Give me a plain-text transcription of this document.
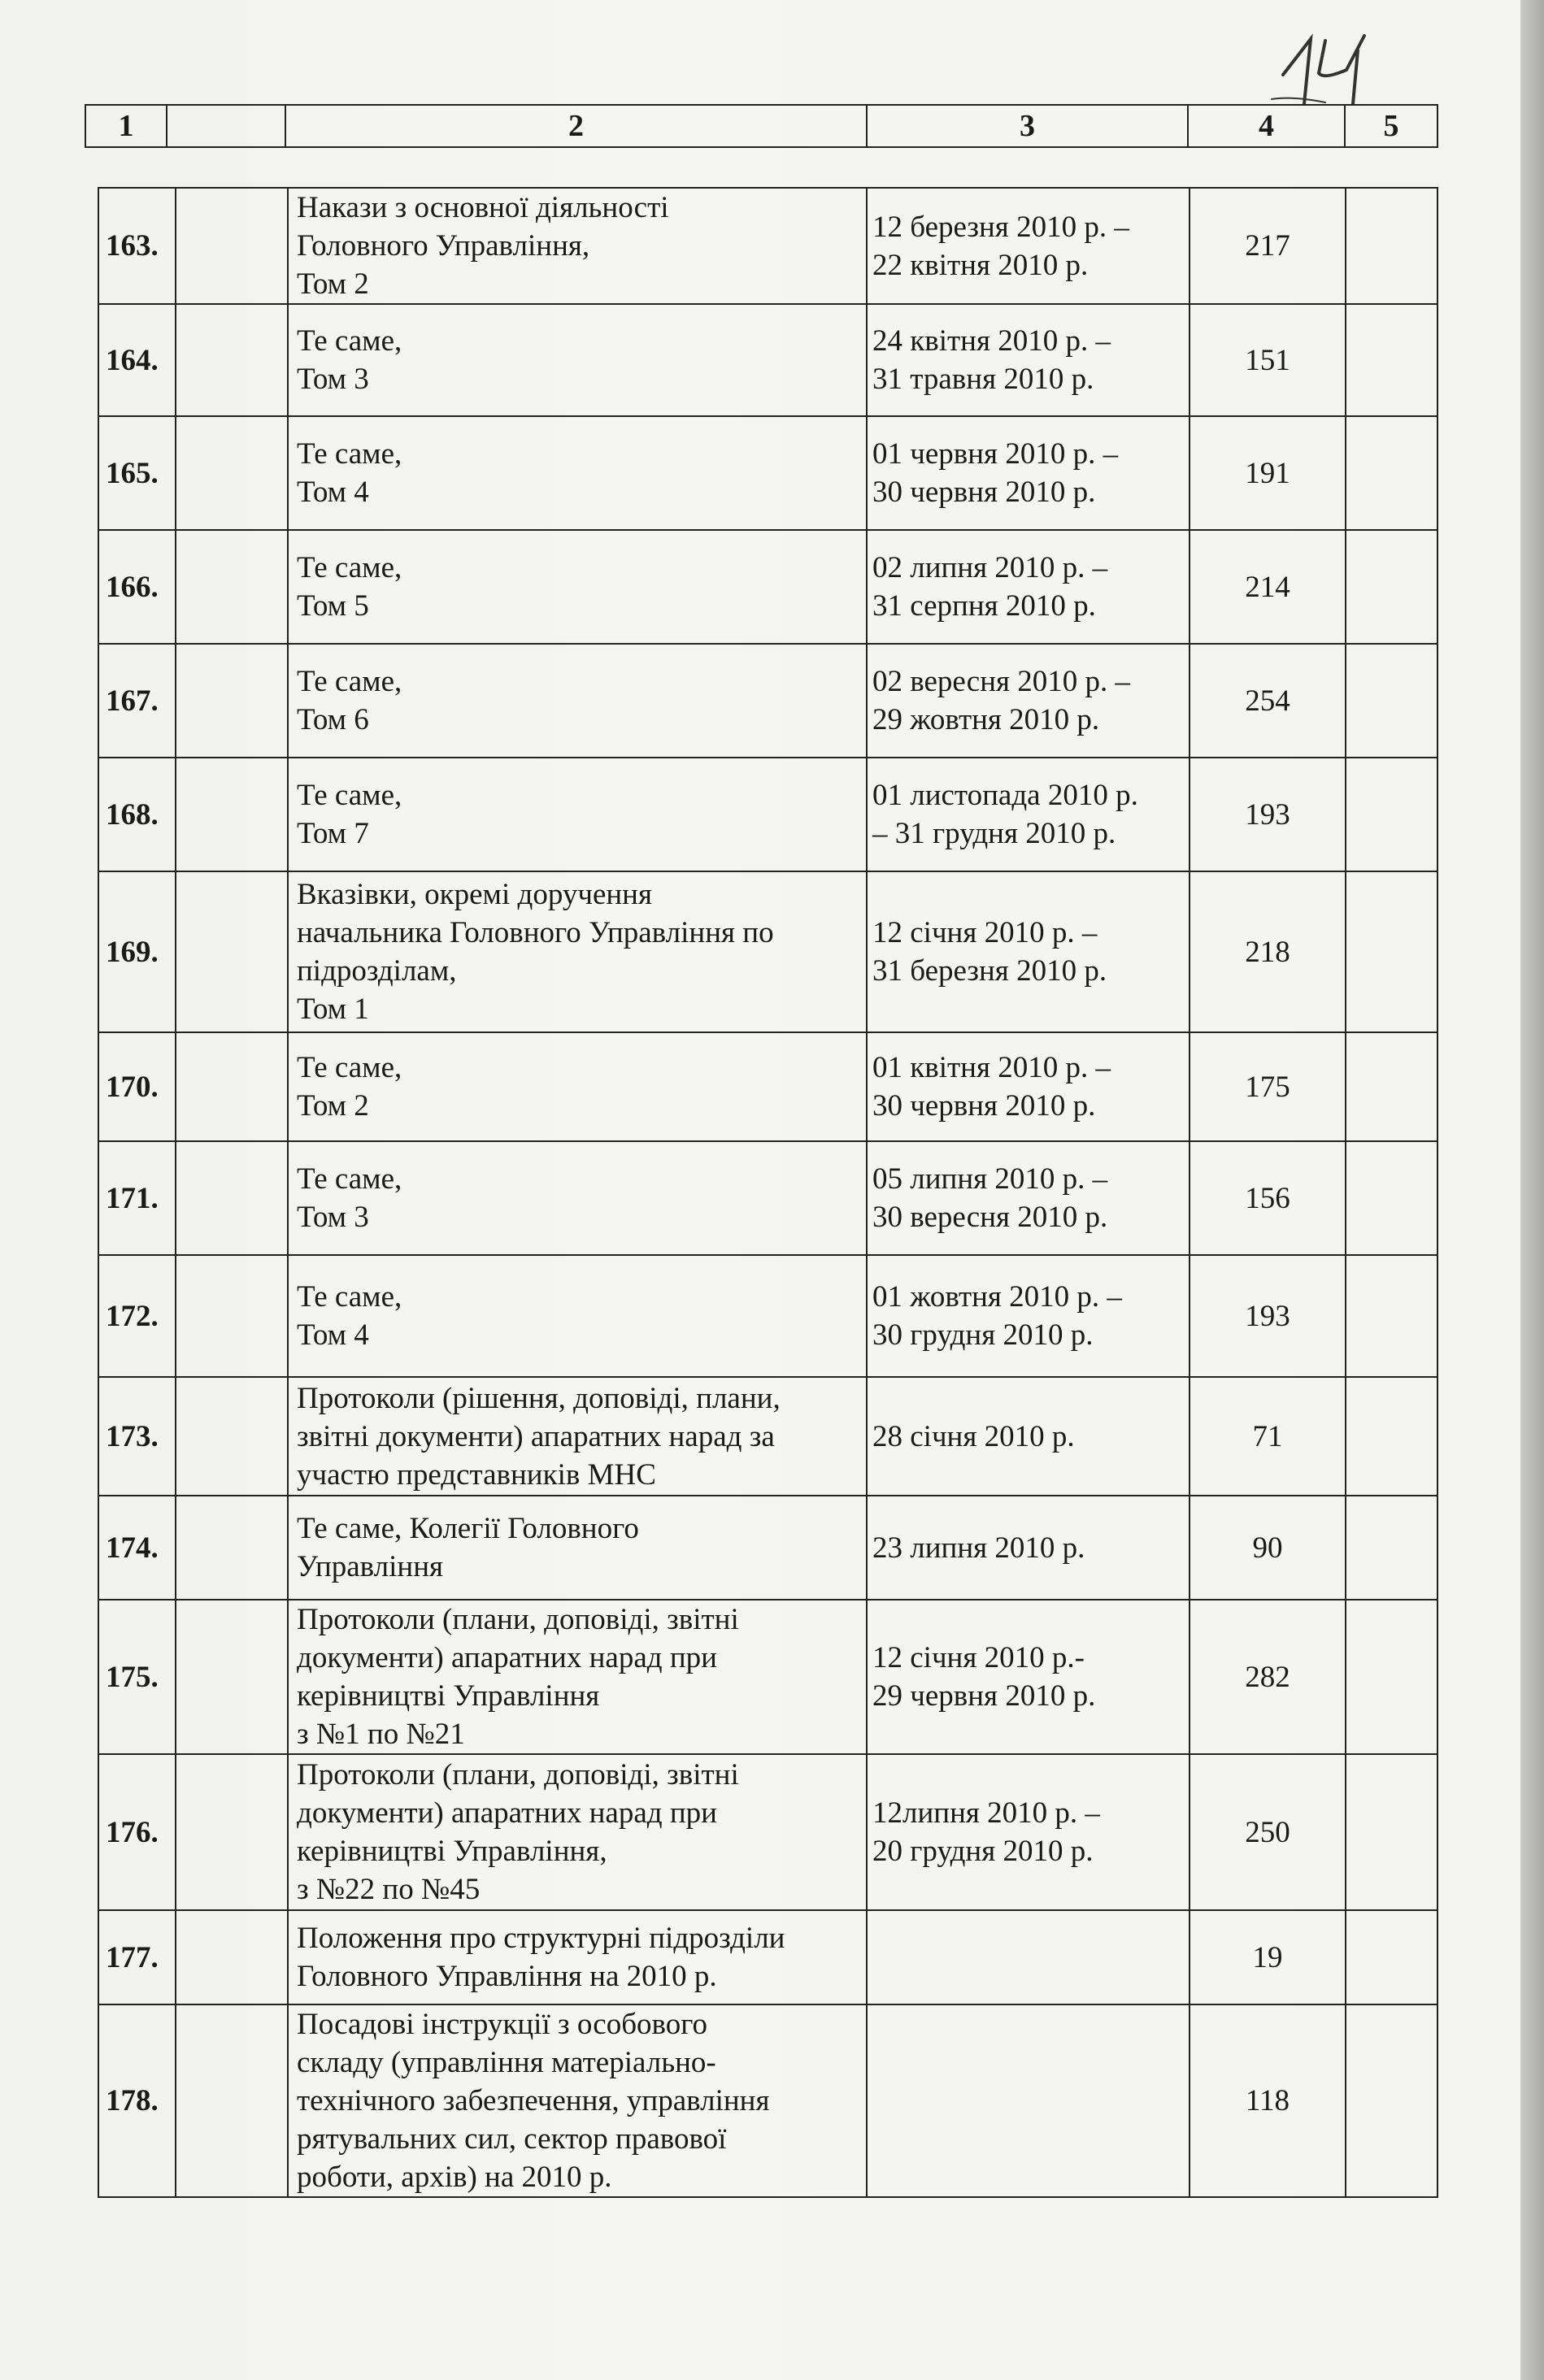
1		2	3	4	5
163.		Накази з основної діяльності
Головного Управління,
Том 2	12 березня 2010 р. –
22 квітня 2010 р.	217	
164.		Те саме,
Том 3	24 квітня 2010 р. –
31 травня 2010 р.	151	
165.		Те саме,
Том 4	01 червня 2010 р. –
30 червня 2010 р.	191	
166.		Те саме,
Том 5	02 липня 2010 р. –
31 серпня 2010 р.	214	
167.		Те саме,
Том 6	02 вересня 2010 р. –
29 жовтня 2010 р.	254	
168.		Те саме,
Том 7	01 листопада 2010 р.
– 31 грудня 2010 р.	193	
169.		Вказівки, окремі доручення
начальника Головного Управління по
підрозділам,
Том 1	12 січня 2010 р. –
31 березня 2010 р.	218	
170.		Те саме,
Том 2	01 квітня 2010 р. –
30 червня 2010 р.	175	
171.		Те саме,
Том 3	05 липня 2010 р. –
30 вересня 2010 р.	156	
172.		Те саме,
Том 4	01 жовтня 2010 р. –
30 грудня 2010 р.	193	
173.		Протоколи (рішення, доповіді, плани,
звітні документи) апаратних нарад за
участю представників МНС	28 січня 2010 р.	71	
174.		Те саме, Колегії Головного
Управління	23 липня 2010 р.	90	
175.		Протоколи (плани, доповіді, звітні
документи) апаратних нарад при
керівництві Управління
з №1 по №21	12 січня 2010 р.-
29 червня 2010 р.	282	
176.		Протоколи (плани, доповіді, звітні
документи) апаратних нарад при
керівництві Управління,
з №22 по №45	12липня 2010 р. –
20 грудня 2010 р.	250	
177.		Положення про структурні підрозділи
Головного Управління на 2010 р.		19	
178.		Посадові інструкції з особового
складу (управління матеріально-
технічного забезпечення, управління
рятувальних сил, сектор правової
роботи, архів) на 2010 р.		118	
